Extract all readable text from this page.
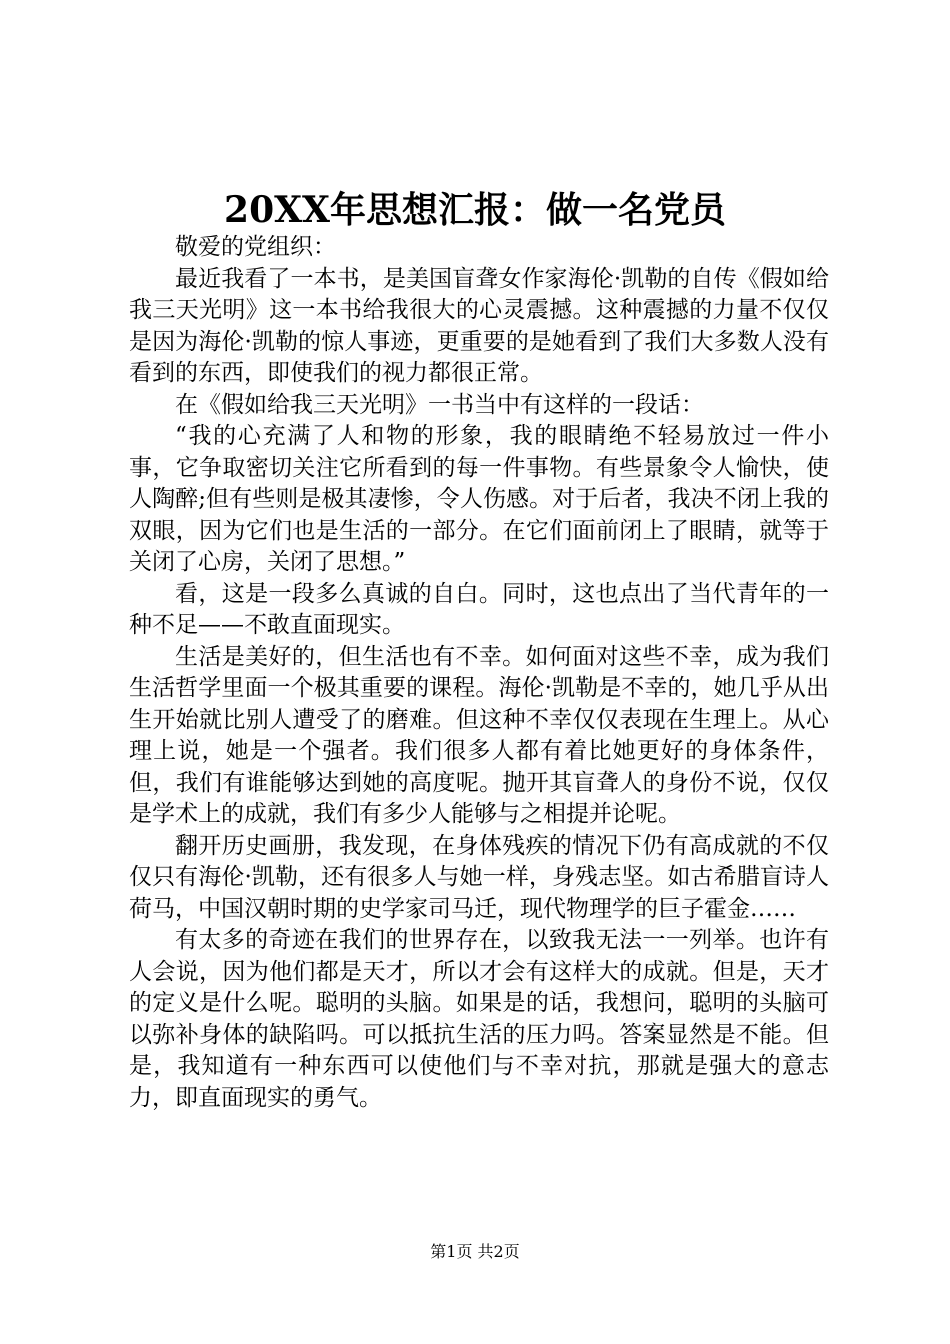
20XX年思想汇报：做一名党员

敬爱的党组织：

最近我看了一本书，是美国盲聋女作家海伦·凯勒的自传《假如给我三天光明》这一本书给我很大的心灵震撼。这种震撼的力量不仅仅是因为海伦·凯勒的惊人事迹，更重要的是她看到了我们大多数人没有看到的东西，即使我们的视力都很正常。

在《假如给我三天光明》一书当中有这样的一段话：

“我的心充满了人和物的形象，我的眼睛绝不轻易放过一件小事，它争取密切关注它所看到的每一件事物。有些景象令人愉快，使人陶醉;但有些则是极其凄惨，令人伤感。对于后者，我决不闭上我的双眼，因为它们也是生活的一部分。在它们面前闭上了眼睛，就等于关闭了心房，关闭了思想。”

看，这是一段多么真诚的自白。同时，这也点出了当代青年的一种不足——不敢直面现实。

生活是美好的，但生活也有不幸。如何面对这些不幸，成为我们生活哲学里面一个极其重要的课程。海伦·凯勒是不幸的，她几乎从出生开始就比别人遭受了的磨难。但这种不幸仅仅表现在生理上。从心理上说，她是一个强者。我们很多人都有着比她更好的身体条件，但，我们有谁能够达到她的高度呢。抛开其盲聋人的身份不说，仅仅是学术上的成就，我们有多少人能够与之相提并论呢。

翻开历史画册，我发现，在身体残疾的情况下仍有高成就的不仅仅只有海伦·凯勒，还有很多人与她一样，身残志坚。如古希腊盲诗人荷马，中国汉朝时期的史学家司马迁，现代物理学的巨子霍金……

有太多的奇迹在我们的世界存在，以致我无法一一列举。也许有人会说，因为他们都是天才，所以才会有这样大的成就。但是，天才的定义是什么呢。聪明的头脑。如果是的话，我想问，聪明的头脑可以弥补身体的缺陷吗。可以抵抗生活的压力吗。答案显然是不能。但是，我知道有一种东西可以使他们与不幸对抗，那就是强大的意志力，即直面现实的勇气。

第1页 共2页
